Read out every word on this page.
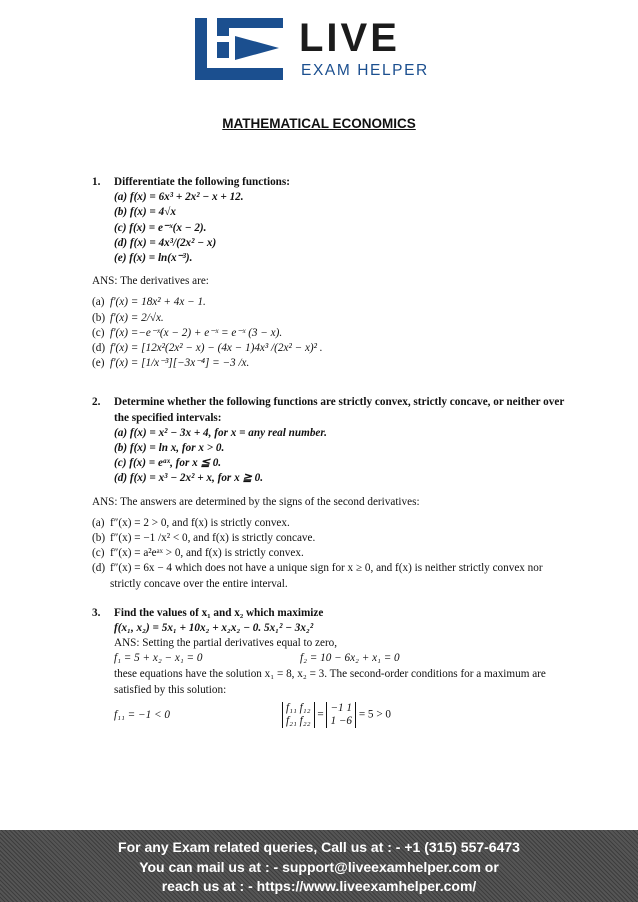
LIVE
EXAM HELPER
MATHEMATICAL ECONOMICS
1.	Differentiate the following functions:
(a) f(x) = 6x³ + 2x² − x + 12.
(b) f(x) = 4√x
(c) f(x) = e⁻ˣ(x − 2).
(d) f(x) = 4x³/(2x² − x)
(e) f(x) = ln(x⁻³).
ANS: The derivatives are:
(a) f′(x) = 18x² + 4x − 1.
(b) f′(x) = 2/√x.
(c) f′(x) =−e⁻ˣ(x − 2) + e⁻ˣ = e⁻ˣ (3 − x).
(d) f′(x) = [12x²(2x² − x) − (4x − 1)4x³ /(2x² − x)² .
(e) f′(x) = [1/x⁻³][−3x⁻⁴] = −3 /x.
2.	Determine whether the following functions are strictly convex, strictly concave, or neither over the specified intervals:
(a) f(x) = x² − 3x + 4, for x = any real number.
(b) f(x) = ln x, for x > 0.
(c) f(x) = eᵃˣ, for x ≦ 0.
(d) f(x) = x³ − 2x² + x, for x ≧ 0.
ANS: The answers are determined by the signs of the second derivatives:
(a) f″(x) = 2 > 0, and f(x) is strictly convex.
(b) f″(x) = −1 /x² < 0, and f(x) is strictly concave.
(c) f″(x) = a²eᵃˣ > 0, and f(x) is strictly convex.
(d) f″(x) = 6x − 4 which does not have a unique sign for x ≥ 0, and f(x) is neither strictly convex nor strictly concave over the entire interval.
3.	Find the values of x₁ and x₂ which maximize
f(x₁, x₂) = 5x₁ + 10x₂ + x₂x₂ − 0. 5x₁² − 3x₂²
ANS: Setting the partial derivatives equal to zero,
f₁ = 5 + x₂ − x₁ = 0	f₂ = 10 − 6x₂ + x₁ = 0
these equations have the solution x₁ = 8, x₂ = 3. The second-order conditions for a maximum are satisfied by this solution:
f₁₁ = −1 < 0
f₁₁ f₁₂
f₂₁ f₂₂
=
−1 1
1 −6
= 5 > 0
For any Exam related queries, Call us at : - +1 (315) 557-6473
You can mail us at : - support@liveexamhelper.com or
reach us at : - https://www.liveexamhelper.com/
